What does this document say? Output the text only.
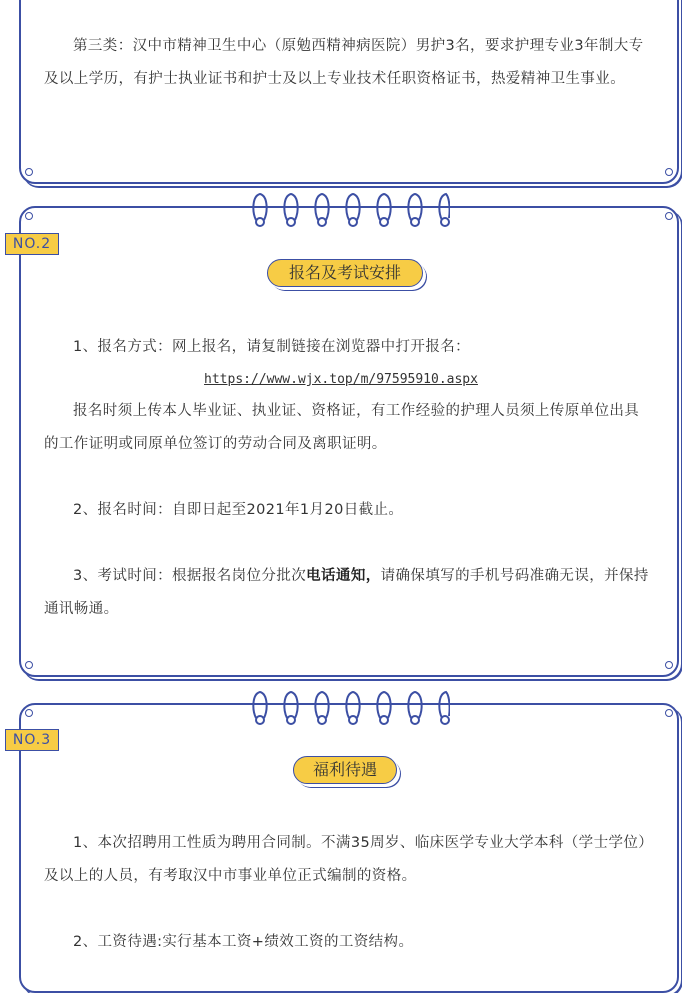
第三类：汉中市精神卫生中心（原勉西精神病医院）男护3名，要求护理专业3年制大专及以上学历，有护士执业证书和护士及以上专业技术任职资格证书，热爱精神卫生事业。

NO.2
报名及考试安排

1、报名方式：网上报名，请复制链接在浏览器中打开报名：

https://www.wjx.top/m/97595910.aspx

报名时须上传本人毕业证、执业证、资格证，有工作经验的护理人员须上传原单位出具的工作证明或同原单位签订的劳动合同及离职证明。

2、报名时间：自即日起至2021年1月20日截止。

3、考试时间：根据报名岗位分批次电话通知，请确保填写的手机号码准确无误，并保持通讯畅通。

NO.3
福利待遇

1、本次招聘用工性质为聘用合同制。不满35周岁、临床医学专业大学本科（学士学位）及以上的人员，有考取汉中市事业单位正式编制的资格。

2、工资待遇:实行基本工资+绩效工资的工资结构。
